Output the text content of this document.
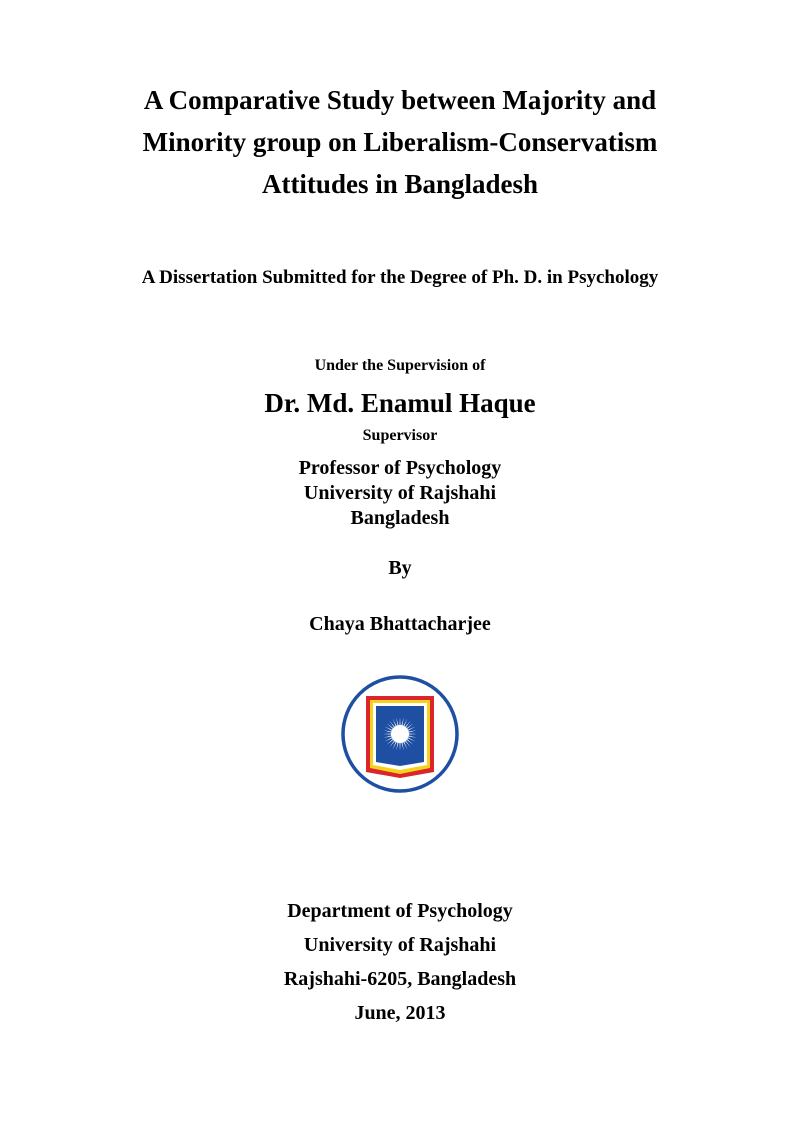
A Comparative Study between Majority and
Minority group on Liberalism-Conservatism
Attitudes in Bangladesh
A Dissertation Submitted for the Degree of Ph. D. in Psychology
Under the Supervision of
Dr. Md. Enamul Haque
Supervisor
Professor of Psychology
University of Rajshahi
Bangladesh
By
Chaya Bhattacharjee
Department of Psychology
University of Rajshahi
Rajshahi-6205, Bangladesh
June, 2013
